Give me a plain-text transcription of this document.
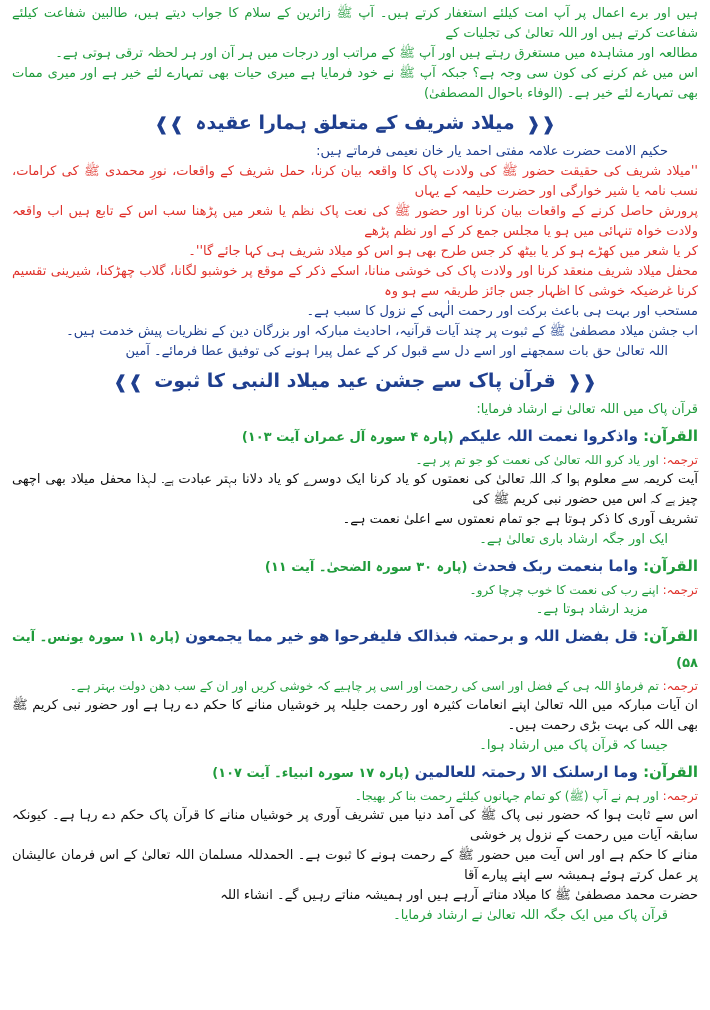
ہیں اور برے اعمال پر آپ امت کیلئے استغفار کرتے ہیں۔ آپ ﷺ زائرین کے سلام کا جواب دیتے ہیں، طالبین شفاعت کیلئے شفاعت کرتے ہیں اور اللہ تعالیٰ کی تجلیات کے

مطالعہ اور مشاہدہ میں مستغرق رہتے ہیں اور آپ ﷺ کے مراتب اور درجات میں ہر آن اور ہر لحظہ ترقی ہوتی ہے۔

اس میں غم کرنے کی کون سی وجہ ہے؟ جبکہ آپ ﷺ نے خود فرمایا ہے میری حیات بھی تمہارے لئے خیر ہے اور میری ممات بھی تمہارے لئے خیر ہے۔ (الوفاء باحوال المصطفیٰ)

❰❰ میلاد شریف کے متعلق ہمارا عقیدہ ❱❱

حکیم الامت حضرت علامہ مفتی احمد یار خان نعیمی فرماتے ہیں:

''میلاد شریف کی حقیقت حضور ﷺ کی ولادت پاک کا واقعہ بیان کرنا، حمل شریف کے واقعات، نورِ محمدی ﷺ کی کرامات، نسب نامہ یا شیر خوارگی اور حضرت حلیمہ کے یہاں

پرورش حاصل کرنے کے واقعات بیان کرنا اور حضور ﷺ کی نعت پاک نظم یا شعر میں پڑھنا سب اس کے تابع ہیں اب واقعہ ولادت خواہ تنہائی میں ہو یا مجلس جمع کر کے اور نظم پڑھے

کر یا شعر میں کھڑے ہو کر یا بیٹھ کر جس طرح بھی ہو اس کو میلاد شریف ہی کہا جائے گا''۔

محفل میلاد شریف منعقد کرنا اور ولادت پاک کی خوشی منانا، اسکے ذکر کے موقع پر خوشبو لگانا، گلاب چھڑکنا، شیرینی تقسیم کرنا غرضیکہ خوشی کا اظہار جس جائز طریقہ سے ہو وہ

مستحب اور بہت ہی باعث برکت اور رحمت الٰہی کے نزول کا سبب ہے۔

اب جشن میلاد مصطفیٰ ﷺ کے ثبوت پر چند آیات قرآنیہ، احادیث مبارکہ اور بزرگان دین کے نظریات پیش خدمت ہیں۔

اللہ تعالیٰ حق بات سمجھنے اور اسے دل سے قبول کر کے عمل پیرا ہونے کی توفیق عطا فرمائے۔ آمین

❰❰ قرآن پاک سے جشن عید میلاد النبی کا ثبوت ❱❱

قرآن پاک میں اللہ تعالیٰ نے ارشاد فرمایا:

القرآن: واذکروا نعمت اللہ علیکم (پارہ ۴ سورہ آل عمران آیت ۱۰۳)

ترجمہ: اور یاد کرو اللہ تعالیٰ کی نعمت کو جو تم پر ہے۔

آیت کریمہ سے معلوم ہوا کہ اللہ تعالیٰ کی نعمتوں کو یاد کرنا ایک دوسرے کو یاد دلانا بہتر عبادت ہے۔ لہذا محفل میلاد بھی اچھی چیز ہے کہ اس میں حضور نبی کریم ﷺ کی

تشریف آوری کا ذکر ہوتا ہے جو تمام نعمتوں سے اعلیٰ نعمت ہے۔

ایک اور جگہ ارشاد باری تعالیٰ ہے۔

القرآن: واما بنعمت ربک فحدث (پارہ ۳۰ سورہ الضحیٰ۔ آیت ۱۱)

ترجمہ: اپنے رب کی نعمت کا خوب چرچا کرو۔

مزید ارشاد ہوتا ہے۔

القرآن: قل بفضل اللہ و برحمتہ فبذالک فلیفرحوا ھو خیر مما یجمعون (پارہ ۱۱ سورہ یونس۔ آیت ۵۸)

ترجمہ: تم فرماؤ اللہ ہی کے فضل اور اسی کی رحمت اور اسی پر چاہیے کہ خوشی کریں اور ان کے سب دھن دولت بہتر ہے۔

ان آیات مبارکہ میں اللہ تعالیٰ اپنے انعامات کثیرہ اور رحمت جلیلہ پر خوشیاں منانے کا حکم دے رہا ہے اور حضور نبی کریم ﷺ بھی اللہ کی بہت بڑی رحمت ہیں۔

جیسا کہ قرآن پاک میں ارشاد ہوا۔

القرآن: وما ارسلنک الا رحمتہ للعالمین (پارہ ۱۷ سورہ انبیاء۔ آیت ۱۰۷)

ترجمہ: اور ہم نے آپ (ﷺ) کو تمام جہانوں کیلئے رحمت بنا کر بھیجا۔

اس سے ثابت ہوا کہ حضور نبی پاک ﷺ کی آمد دنیا میں تشریف آوری پر خوشیاں منانے کا قرآن پاک حکم دے رہا ہے۔ کیونکہ سابقہ آیات میں رحمت کے نزول پر خوشی

منانے کا حکم ہے اور اس آیت میں حضور ﷺ کے رحمت ہونے کا ثبوت ہے۔ الحمدللہ مسلمان اللہ تعالیٰ کے اس فرمان عالیشان پر عمل کرتے ہوئے ہمیشہ سے اپنے پیارے آقا

حضرت محمد مصطفیٰ ﷺ کا میلاد مناتے آرہے ہیں اور ہمیشہ مناتے رہیں گے۔ انشاء اللہ

قرآن پاک میں ایک جگہ اللہ تعالیٰ نے ارشاد فرمایا۔
